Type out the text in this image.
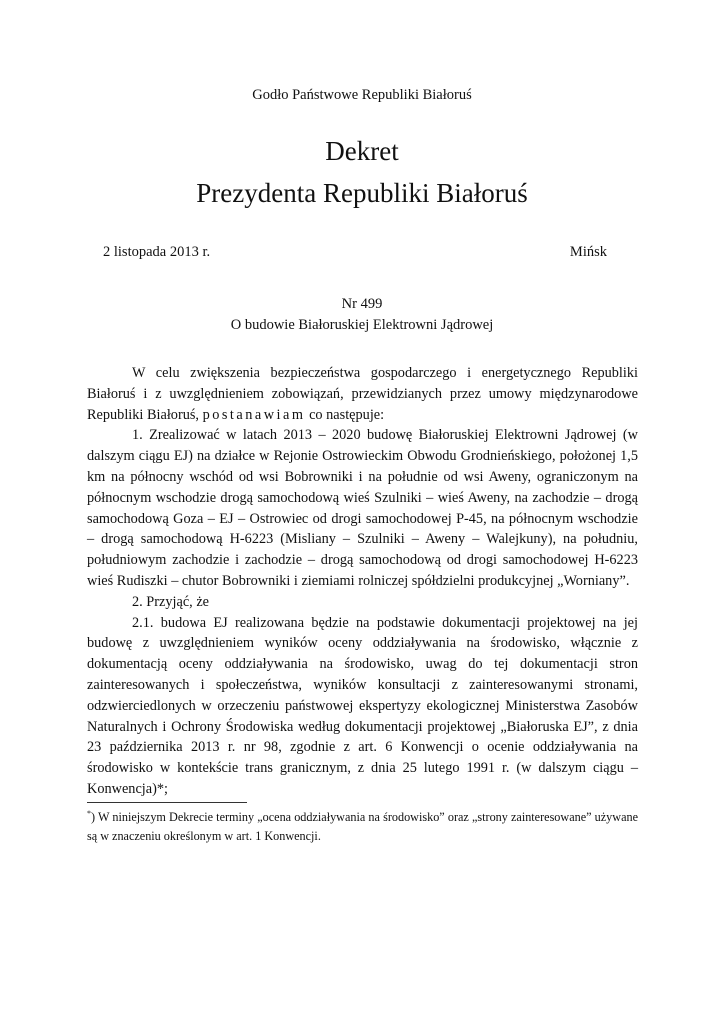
Godło Państwowe Republiki Białoruś
Dekret
Prezydenta Republiki Białoruś
2 listopada 2013 r.	Mińsk
Nr 499
O budowie Białoruskiej Elektrowni Jądrowej

W celu zwiększenia bezpieczeństwa gospodarczego i energetycznego Republiki Białoruś i z uwzględnieniem zobowiązań, przewidzianych przez umowy międzynarodowe Republiki Białoruś, postanawiam co następuje:

1. Zrealizować w latach 2013 – 2020 budowę Białoruskiej Elektrowni Jądrowej (w dalszym ciągu EJ) na działce w Rejonie Ostrowieckim Obwodu Grodnieńskiego, położonej 1,5 km na północny wschód od wsi Bobrowniki i na południe od wsi Aweny, ograniczonym na północnym wschodzie drogą samochodową wieś Szulniki – wieś Aweny, na zachodzie – drogą samochodową Goza – EJ – Ostrowiec od drogi samochodowej P-45, na północnym wschodzie – drogą samochodową H-6223 (Misliany – Szulniki – Aweny – Walejkuny), na południu, południowym zachodzie i zachodzie – drogą samochodową od drogi samochodowej H-6223 wieś Rudiszki – chutor Bobrowniki i ziemiami rolniczej spółdzielni produkcyjnej „Worniany”.

2. Przyjąć, że

2.1. budowa EJ realizowana będzie na podstawie dokumentacji projektowej na jej budowę z uwzględnieniem wyników oceny oddziaływania na środowisko, włącznie z dokumentacją oceny oddziaływania na środowisko, uwag do tej dokumentacji stron zainteresowanych i społeczeństwa, wyników konsultacji z zainteresowanymi stronami, odzwierciedlonych w orzeczeniu państwowej ekspertyzy ekologicznej Ministerstwa Zasobów Naturalnych i Ochrony Środowiska według dokumentacji projektowej „Białoruska EJ”, z dnia 23 października 2013 r. nr 98, zgodnie z art. 6 Konwencji o ocenie oddziaływania na środowisko w kontekście trans granicznym, z dnia 25 lutego 1991 r. (w dalszym ciągu – Konwencja)*;

*) W niniejszym Dekrecie terminy „ocena oddziaływania na środowisko” oraz „strony zainteresowane” używane są w znaczeniu określonym w art. 1 Konwencji.
